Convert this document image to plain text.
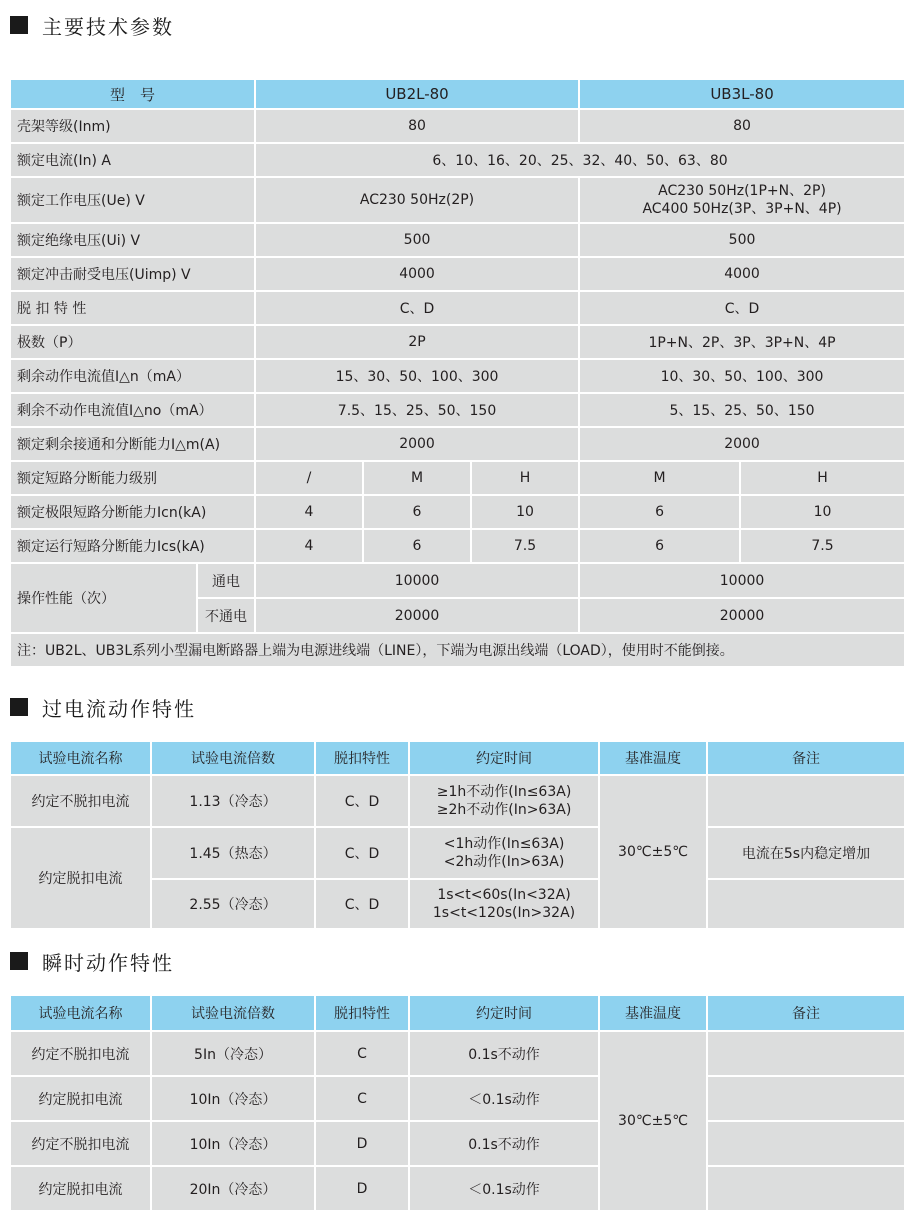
主要技术参数
型　号		UB2L-80			UB3L-80	
壳架等级(Inm)		80			80	
额定电流(In) A		6、10、16、20、25、32、40、50、63、80				
额定工作电压(Ue) V		AC230 50Hz(2P)			AC230 50Hz(1P+N、2P)
AC400 50Hz(3P、3P+N、4P)	

额定绝缘电压(Ui) V		500			500	
额定冲击耐受电压(Uimp) V		4000			4000	
脱 扣 特 性		C、D			C、D	
极数（P）		2P			1P+N、2P、3P、3P+N、4P	
剩余动作电流值I△n（mA）		15、30、50、100、300			10、30、50、100、300	
剩余不动作电流值I△no（mA）		7.5、15、25、50、150			5、15、25、50、150	
额定剩余接通和分断能力I△m(A)		2000			2000	
额定短路分断能力级别		/	M	H	M	H
额定极限短路分断能力Icn(kA)		4	6	10	6	10
额定运行短路分断能力Ics(kA)		4	6	7.5	6	7.5
操作性能（次）	通电	10000			10000	
	不通电	20000			20000	
注：UB2L、UB3L系列小型漏电断路器上端为电源进线端（LINE），下端为电源出线端（LOAD），使用时不能倒接。						
过电流动作特性
试验电流名称	试验电流倍数	脱扣特性	约定时间	基准温度	备注
约定不脱扣电流	1.13（冷态）	C、D	≥1h不动作(In≤63A)
≥2h不动作(In>63A)	30℃±5℃	
约定脱扣电流	1.45（热态）	C、D	<1h动作(In≤63A)
<2h动作(In>63A)		电流在5s内稳定增加
	2.55（冷态）	C、D	1s<t<60s(In<32A)
1s<t<120s(In>32A)		

瞬时动作特性
试验电流名称	试验电流倍数	脱扣特性	约定时间	基准温度	备注
约定不脱扣电流	5In（冷态）	C	0.1s不动作	30℃±5℃	
约定脱扣电流	10In（冷态）	C	＜0.1s动作		
约定不脱扣电流	10In（冷态）	D	0.1s不动作		
约定脱扣电流	20In（冷态）	D	＜0.1s动作		
